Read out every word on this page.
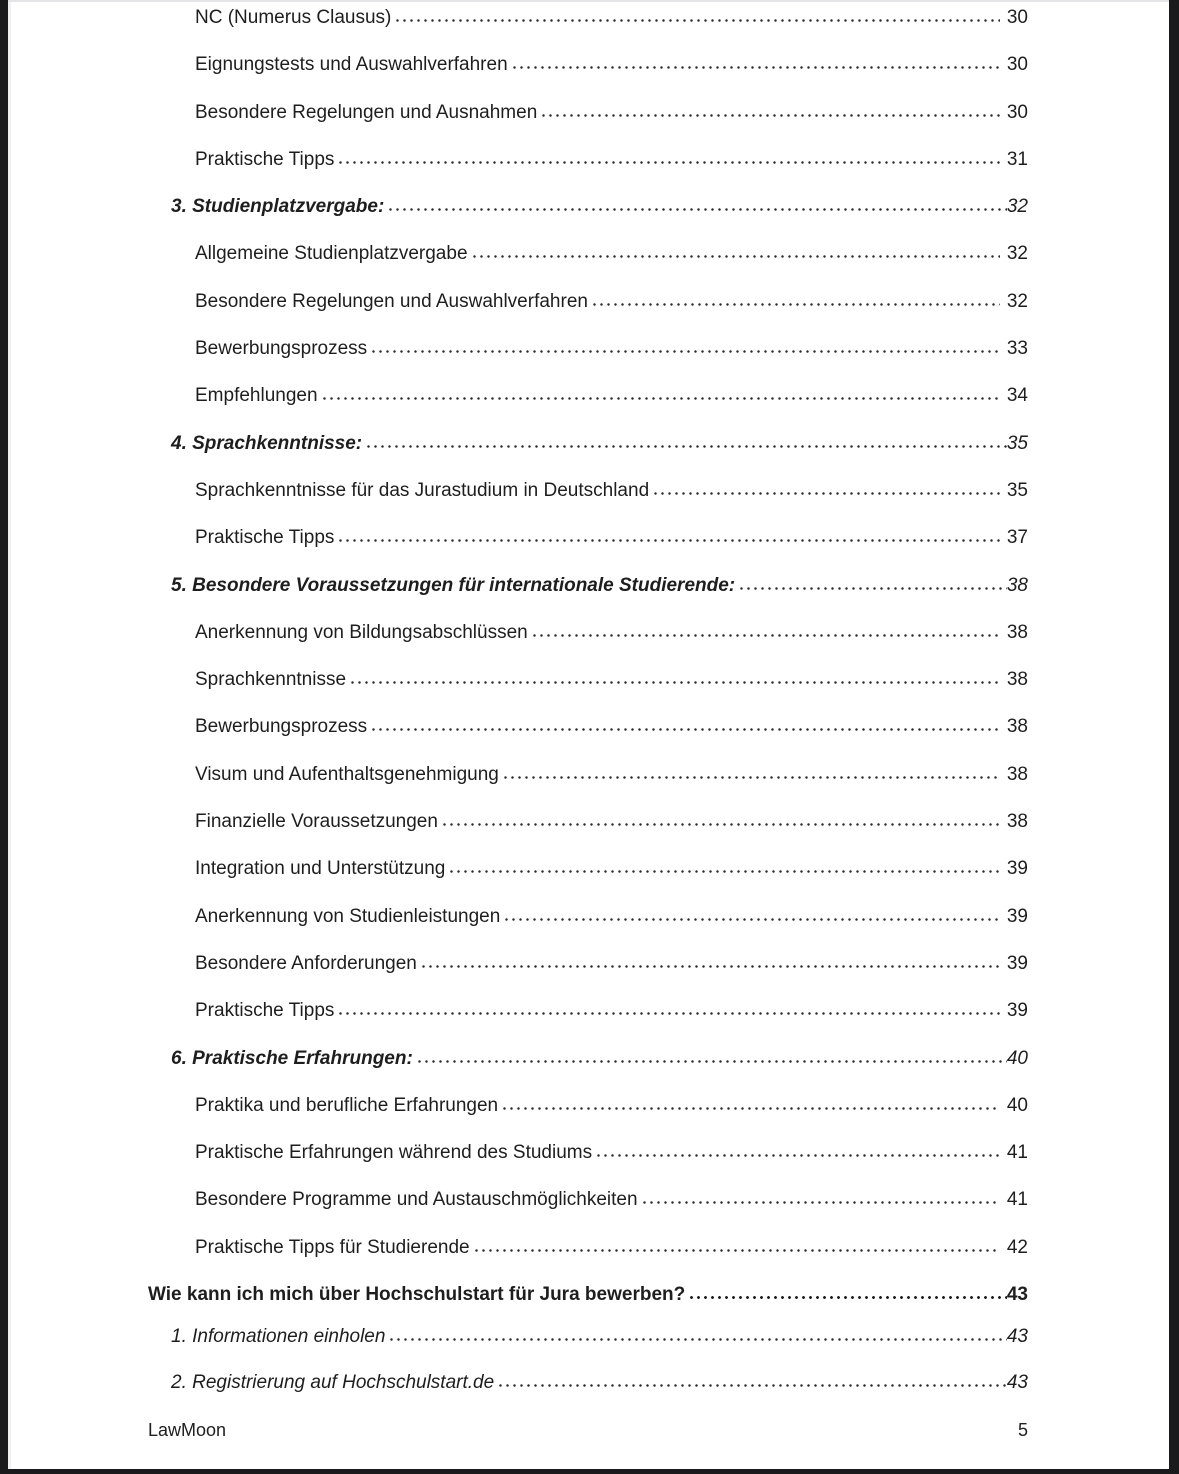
NC (Numerus Clausus)	30
Eignungstests und Auswahlverfahren	30
Besondere Regelungen und Ausnahmen	30
Praktische Tipps	31
3. Studienplatzvergabe:	32
Allgemeine Studienplatzvergabe	32
Besondere Regelungen und Auswahlverfahren	32
Bewerbungsprozess	33
Empfehlungen	34
4. Sprachkenntnisse:	35
Sprachkenntnisse für das Jurastudium in Deutschland	35
Praktische Tipps	37
5. Besondere Voraussetzungen für internationale Studierende:	38
Anerkennung von Bildungsabschlüssen	38
Sprachkenntnisse	38
Bewerbungsprozess	38
Visum und Aufenthaltsgenehmigung	38
Finanzielle Voraussetzungen	38
Integration und Unterstützung	39
Anerkennung von Studienleistungen	39
Besondere Anforderungen	39
Praktische Tipps	39
6. Praktische Erfahrungen:	40
Praktika und berufliche Erfahrungen	40
Praktische Erfahrungen während des Studiums	41
Besondere Programme und Austauschmöglichkeiten	41
Praktische Tipps für Studierende	42
Wie kann ich mich über Hochschulstart für Jura bewerben?	43
1. Informationen einholen	43
2. Registrierung auf Hochschulstart.de	43
LawMoon	5
